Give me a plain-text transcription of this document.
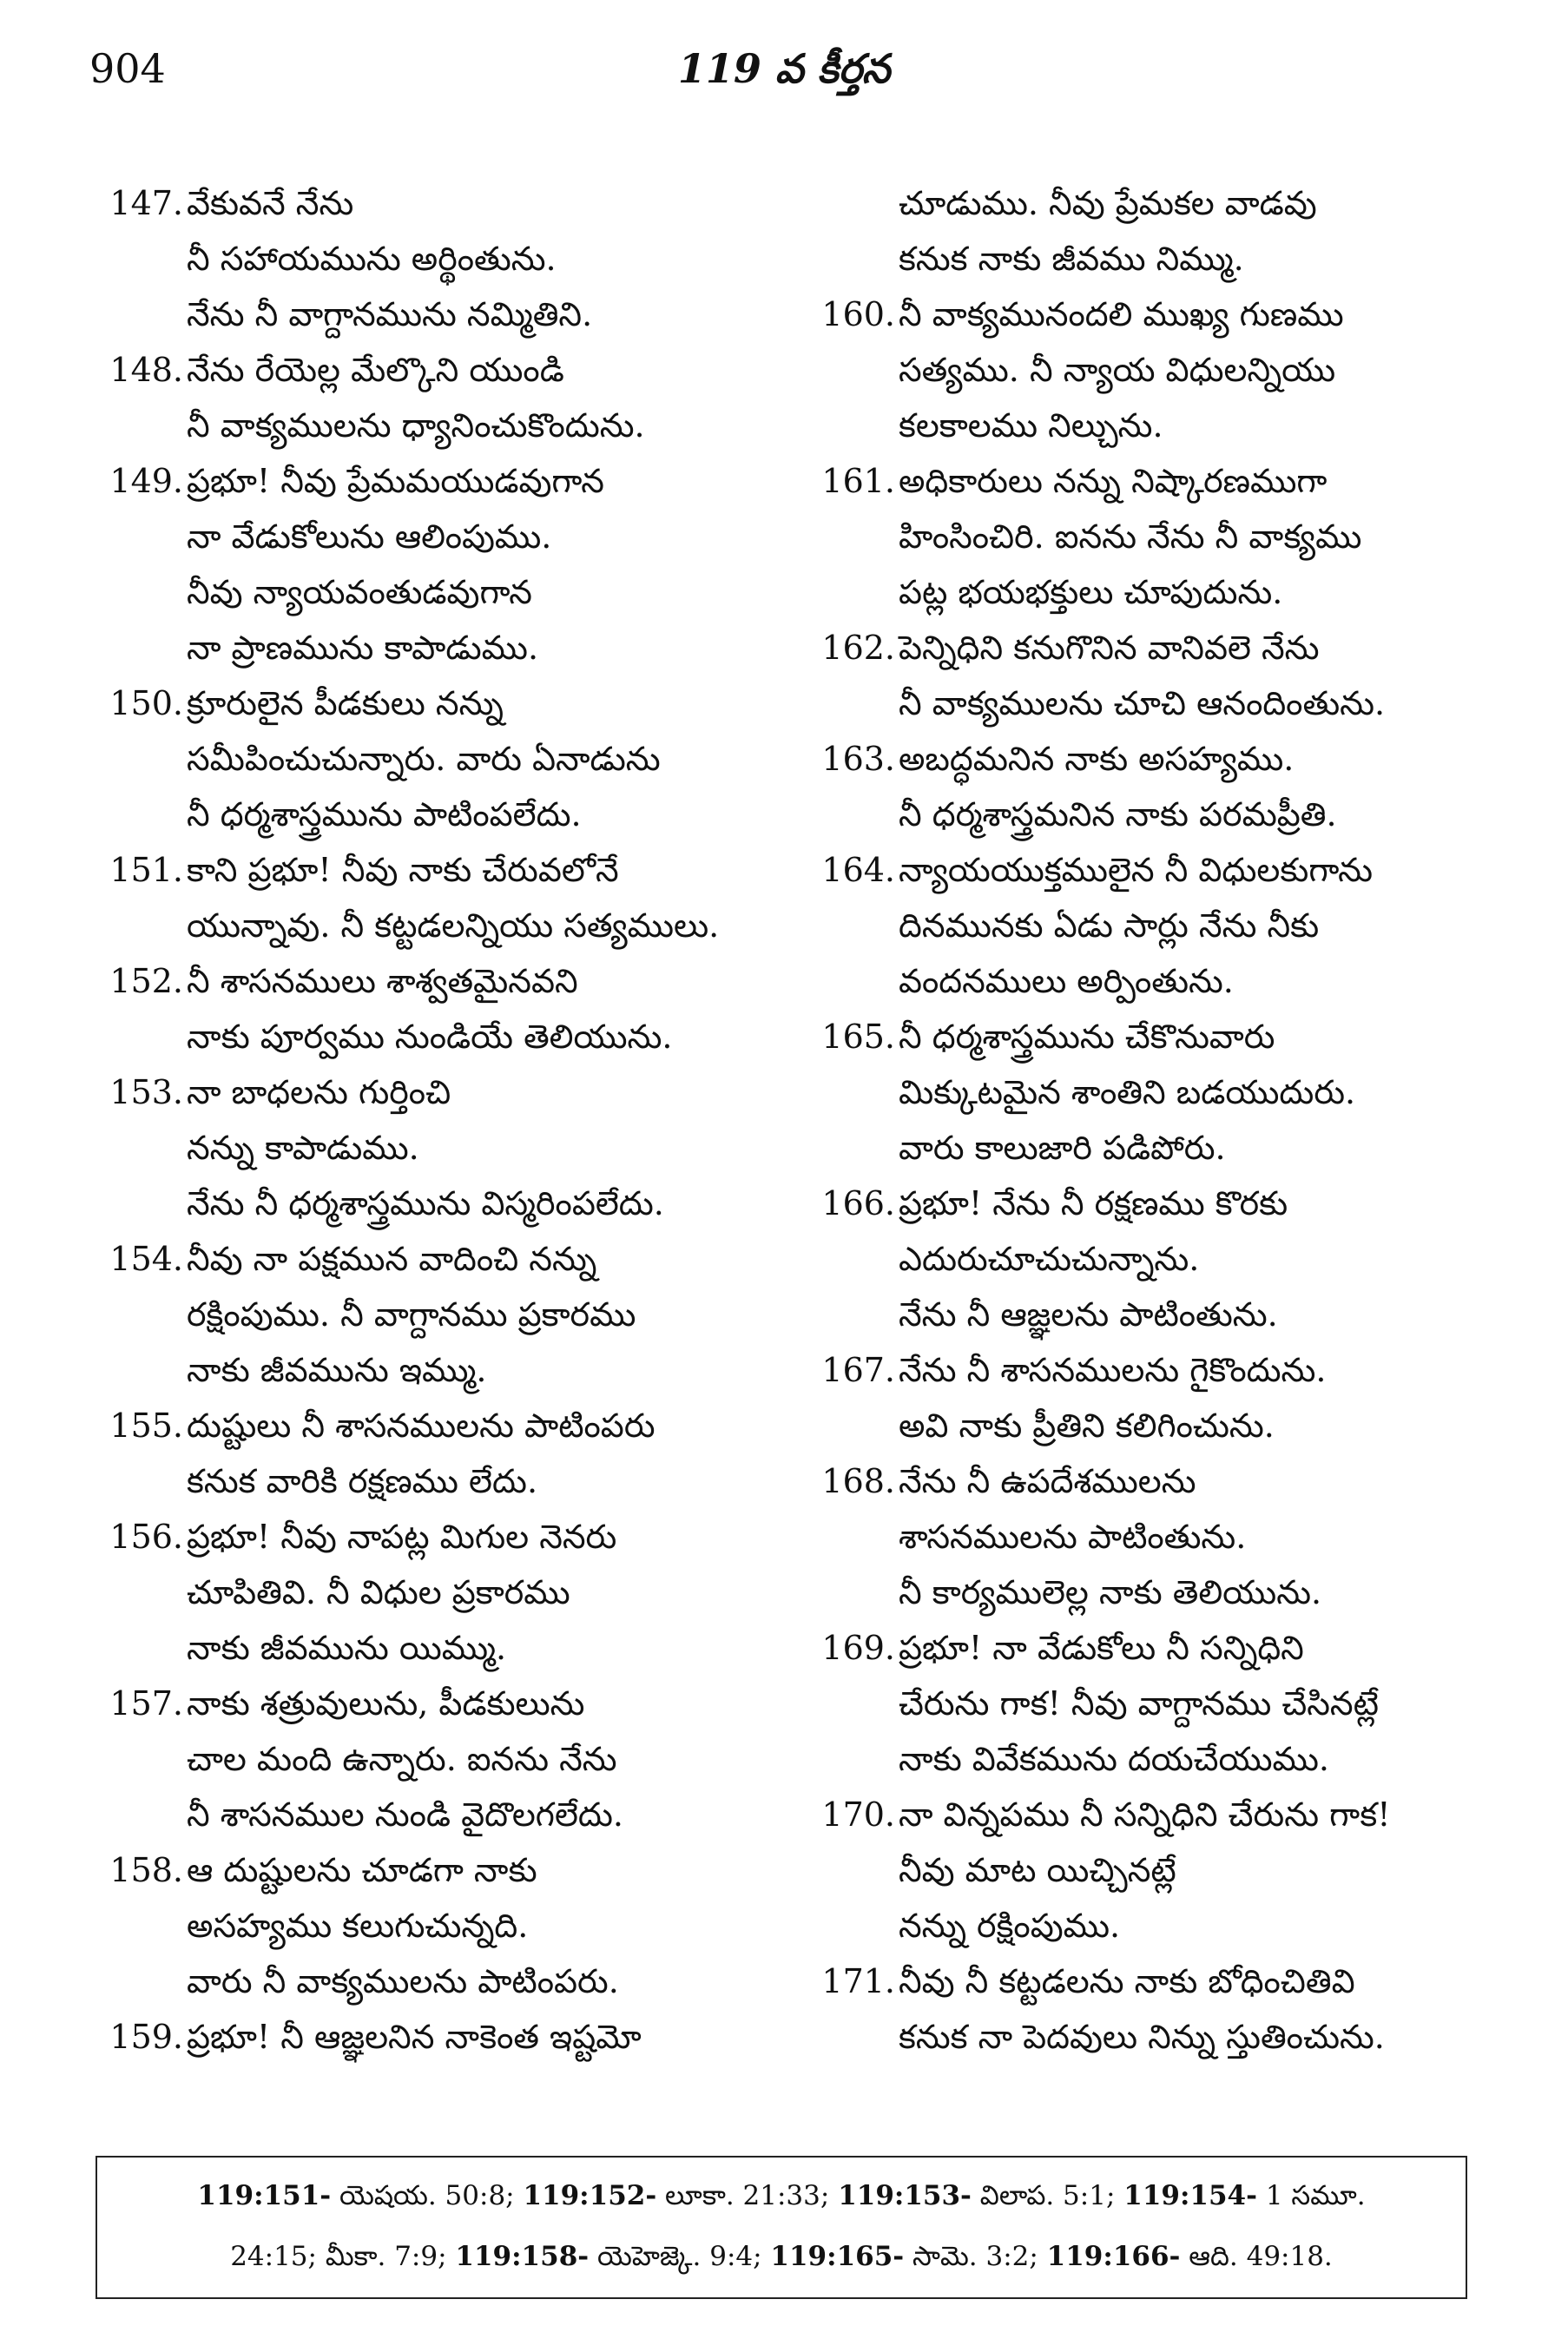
904	119 వ కీర్తన
147. వేకువనే నేను
నీ సహాయమును అర్థింతును.
నేను నీ వాగ్దానమును నమ్మితిని.
148. నేను రేయెల్ల మేల్కొని యుండి
నీ వాక్యములను ధ్యానించుకొందును.
149. ప్రభూ! నీవు ప్రేమమయుడవుగాన
నా వేడుకోలును ఆలింపుము.
నీవు న్యాయవంతుడవుగాన
నా ప్రాణమును కాపాడుము.
150. క్రూరులైన పీడకులు నన్ను
సమీపించుచున్నారు. వారు ఏనాడును
నీ ధర్మశాస్త్రమును పాటింపలేదు.
151. కాని ప్రభూ! నీవు నాకు చేరువలోనే
యున్నావు. నీ కట్టడలన్నియు సత్యములు.
152. నీ శాసనములు శాశ్వతమైనవని
నాకు పూర్వము నుండియే తెలియును.
153. నా బాధలను గుర్తించి
నన్ను కాపాడుము.
నేను నీ ధర్మశాస్త్రమును విస్మరింపలేదు.
154. నీవు నా పక్షమున వాదించి నన్ను
రక్షింపుము. నీ వాగ్దానము ప్రకారము
నాకు జీవమును ఇమ్ము.
155. దుష్టులు నీ శాసనములను పాటింపరు
కనుక వారికి రక్షణము లేదు.
156. ప్రభూ! నీవు నాపట్ల మిగుల నెనరు
చూపితివి. నీ విధుల ప్రకారము
నాకు జీవమును యిమ్ము.
157. నాకు శత్రువులును, పీడకులును
చాల మంది ఉన్నారు. ఐనను నేను
నీ శాసనముల నుండి వైదొలగలేదు.
158. ఆ దుష్టులను చూడగా నాకు
అసహ్యము కలుగుచున్నది.
వారు నీ వాక్యములను పాటింపరు.
159. ప్రభూ! నీ ఆజ్ఞలనిన నాకెంత ఇష్టమో
చూడుము. నీవు ప్రేమకల వాడవు
కనుక నాకు జీవము నిమ్ము.
160. నీ వాక్యమునందలి ముఖ్య గుణము
సత్యము. నీ న్యాయ విధులన్నియు
కలకాలము నిల్చును.
161. అధికారులు నన్ను నిష్కారణముగా
హింసించిరి. ఐనను నేను నీ వాక్యము
పట్ల భయభక్తులు చూపుదును.
162. పెన్నిధిని కనుగొనిన వానివలె నేను
నీ వాక్యములను చూచి ఆనందింతును.
163. అబద్ధమనిన నాకు అసహ్యము.
నీ ధర్మశాస్త్రమనిన నాకు పరమప్రీతి.
164. న్యాయయుక్తములైన నీ విధులకుగాను
దినమునకు ఏడు సార్లు నేను నీకు
వందనములు అర్పింతును.
165. నీ ధర్మశాస్త్రమును చేకొనువారు
మిక్కుటమైన శాంతిని బడయుదురు.
వారు కాలుజారి పడిపోరు.
166. ప్రభూ! నేను నీ రక్షణము కొరకు
ఎదురుచూచుచున్నాను.
నేను నీ ఆజ్ఞలను పాటింతును.
167. నేను నీ శాసనములను గైకొందును.
అవి నాకు ప్రీతిని కలిగించును.
168. నేను నీ ఉపదేశములను
శాసనములను పాటింతును.
నీ కార్యములెల్ల నాకు తెలియును.
169. ప్రభూ! నా వేడుకోలు నీ సన్నిధిని
చేరును గాక! నీవు వాగ్దానము చేసినట్లే
నాకు వివేకమును దయచేయుము.
170. నా విన్నపము నీ సన్నిధిని చేరును గాక!
నీవు మాట యిచ్చినట్లే
నన్ను రక్షింపుము.
171. నీవు నీ కట్టడలను నాకు బోధించితివి
కనుక నా పెదవులు నిన్ను స్తుతించును.
119:151- యెషయ. 50:8; 119:152- లూకా. 21:33; 119:153- విలాప. 5:1; 119:154- 1 సమూ.
24:15; మీకా. 7:9; 119:158- యెహెజ్కె. 9:4; 119:165- సామె. 3:2; 119:166- ఆది. 49:18.
